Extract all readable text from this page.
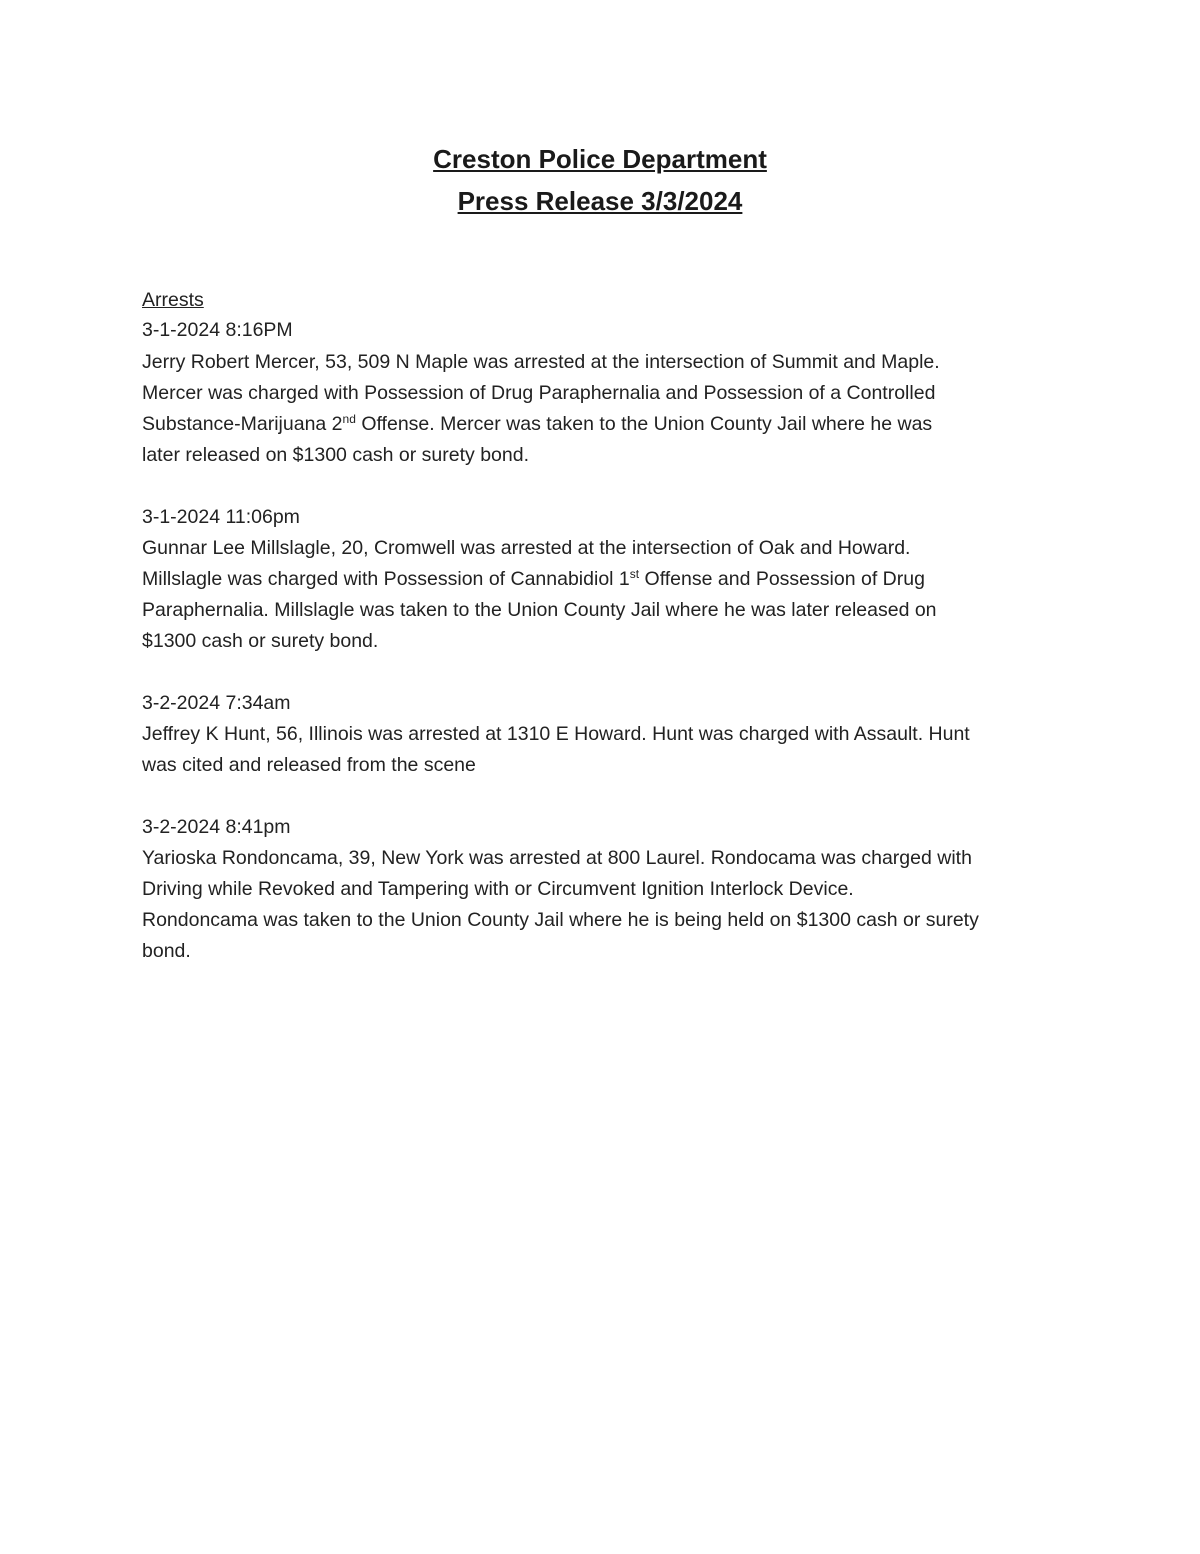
Creston Police Department
Press Release 3/3/2024
Arrests
3-1-2024 8:16PM
Jerry Robert Mercer, 53, 509 N Maple was arrested at the intersection of Summit and Maple.
Mercer was charged with Possession of Drug Paraphernalia and Possession of a Controlled
Substance-Marijuana 2nd Offense. Mercer was taken to the Union County Jail where he was
later released on $1300 cash or surety bond.
3-1-2024 11:06pm
Gunnar Lee Millslagle, 20, Cromwell was arrested at the intersection of Oak and Howard.
Millslagle was charged with Possession of Cannabidiol 1st Offense and Possession of Drug
Paraphernalia. Millslagle was taken to the Union County Jail where he was later released on
$1300 cash or surety bond.
3-2-2024 7:34am
Jeffrey K Hunt, 56, Illinois was arrested at 1310 E Howard. Hunt was charged with Assault. Hunt
was cited and released from the scene
3-2-2024 8:41pm
Yarioska Rondoncama, 39, New York was arrested at 800 Laurel. Rondocama was charged with
Driving while Revoked and Tampering with or Circumvent Ignition Interlock Device.
Rondoncama was taken to the Union County Jail where he is being held on $1300 cash or surety
bond.
